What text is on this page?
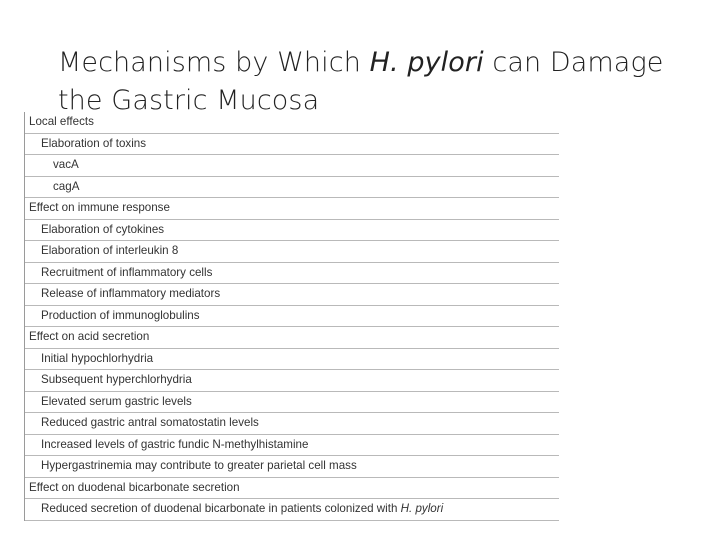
Mechanisms by Which H. pylori can Damage the Gastric Mucosa
Local effects
Elaboration of toxins
vacA
cagA
Effect on immune response
Elaboration of cytokines
Elaboration of interleukin 8
Recruitment of inflammatory cells
Release of inflammatory mediators
Production of immunoglobulins
Effect on acid secretion
Initial hypochlorhydria
Subsequent hyperchlorhydria
Elevated serum gastric levels
Reduced gastric antral somatostatin levels
Increased levels of gastric fundic N-methylhistamine
Hypergastrinemia may contribute to greater parietal cell mass
Effect on duodenal bicarbonate secretion
Reduced secretion of duodenal bicarbonate in patients colonized with H. pylori
